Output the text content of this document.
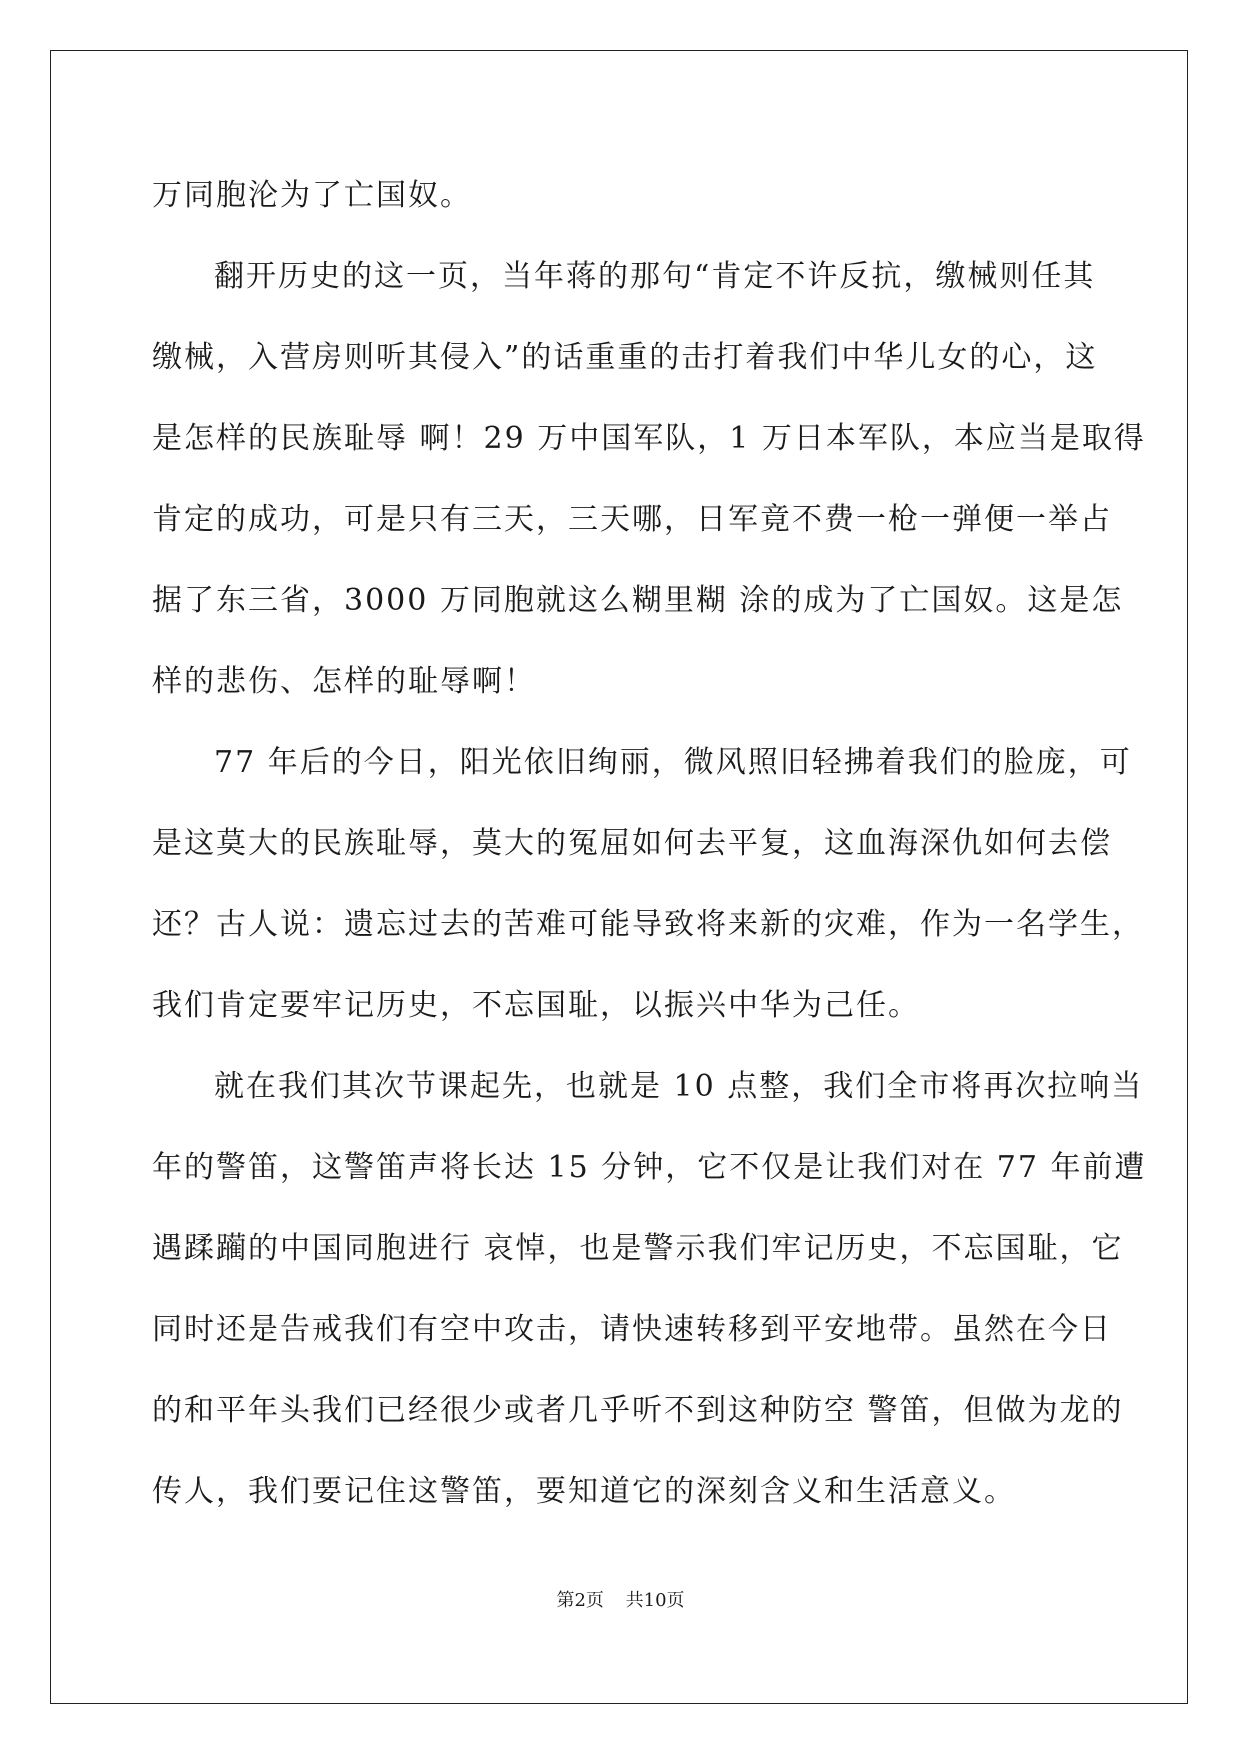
万同胞沦为了亡国奴。
翻开历史的这一页，当年蒋的那句“肯定不许反抗，缴械则任其
缴械，入营房则听其侵入”的话重重的击打着我们中华儿女的心，这
是怎样的民族耻辱 啊！29 万中国军队，1 万日本军队，本应当是取得
肯定的成功，可是只有三天，三天哪，日军竟不费一枪一弹便一举占
据了东三省，3000 万同胞就这么糊里糊 涂的成为了亡国奴。这是怎
样的悲伤、怎样的耻辱啊！
77 年后的今日，阳光依旧绚丽，微风照旧轻拂着我们的脸庞，可
是这莫大的民族耻辱，莫大的冤屈如何去平复，这血海深仇如何去偿
还？古人说：遗忘过去的苦难可能导致将来新的灾难，作为一名学生，
我们肯定要牢记历史，不忘国耻，以振兴中华为己任。
就在我们其次节课起先，也就是 10 点整，我们全市将再次拉响当
年的警笛，这警笛声将长达 15 分钟，它不仅是让我们对在 77 年前遭
遇蹂躏的中国同胞进行 哀悼，也是警示我们牢记历史，不忘国耻，它
同时还是告戒我们有空中攻击，请快速转移到平安地带。虽然在今日
的和平年头我们已经很少或者几乎听不到这种防空 警笛，但做为龙的
传人，我们要记住这警笛，要知道它的深刻含义和生活意义。
第2页 共10页
